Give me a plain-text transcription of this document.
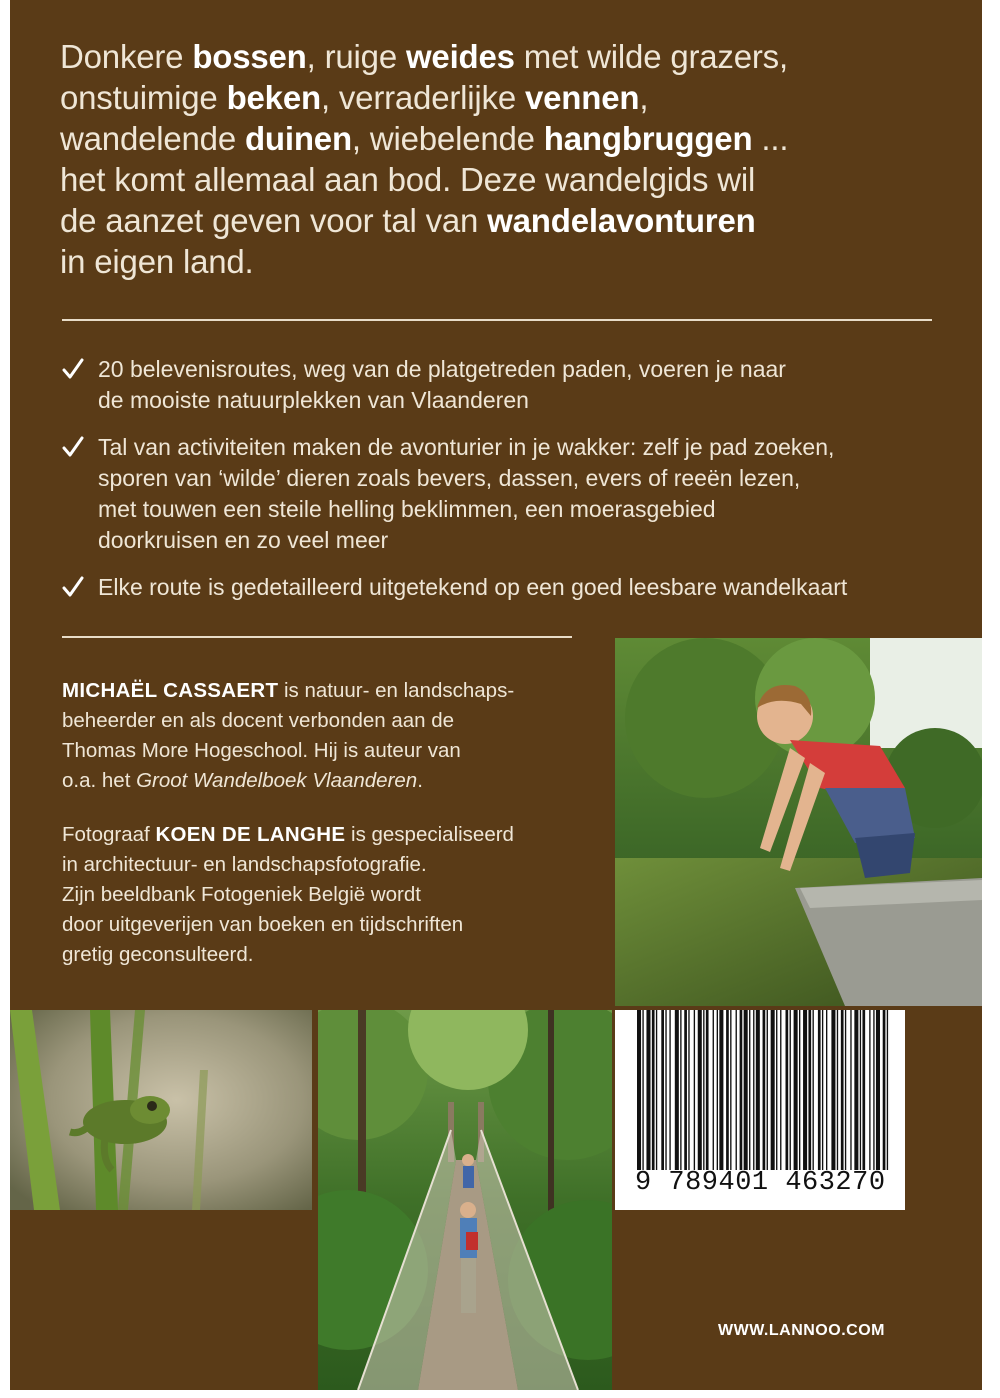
Donkere bossen, ruige weides met wilde grazers,
onstuimige beken, verraderlijke vennen,
wandelende duinen, wiebelende hangbruggen ...
het komt allemaal aan bod. Deze wandelgids wil
de aanzet geven voor tal van wandelavonturen
in eigen land.
20 belevenisroutes, weg van de platgetreden paden, voeren je naar
de mooiste natuurplekken van Vlaanderen
Tal van activiteiten maken de avonturier in je wakker: zelf je pad zoeken,
sporen van ‘wilde’ dieren zoals bevers, dassen, evers of reeën lezen,
met touwen een steile helling beklimmen, een moerasgebied
doorkruisen en zo veel meer
Elke route is gedetailleerd uitgetekend op een goed leesbare wandelkaart
MICHAËL CASSAERT is natuur- en landschaps-
beheerder en als docent verbonden aan de
Thomas More Hogeschool. Hij is auteur van
o.a. het Groot Wandelboek Vlaanderen.
Fotograaf KOEN DE LANGHE is gespecialiseerd
in architectuur- en landschapsfotografie.
Zijn beeldbank Fotogeniek België wordt
door uitgeverijen van boeken en tijdschriften
gretig geconsulteerd.
9 789401 463270
WWW.LANNOO.COM
